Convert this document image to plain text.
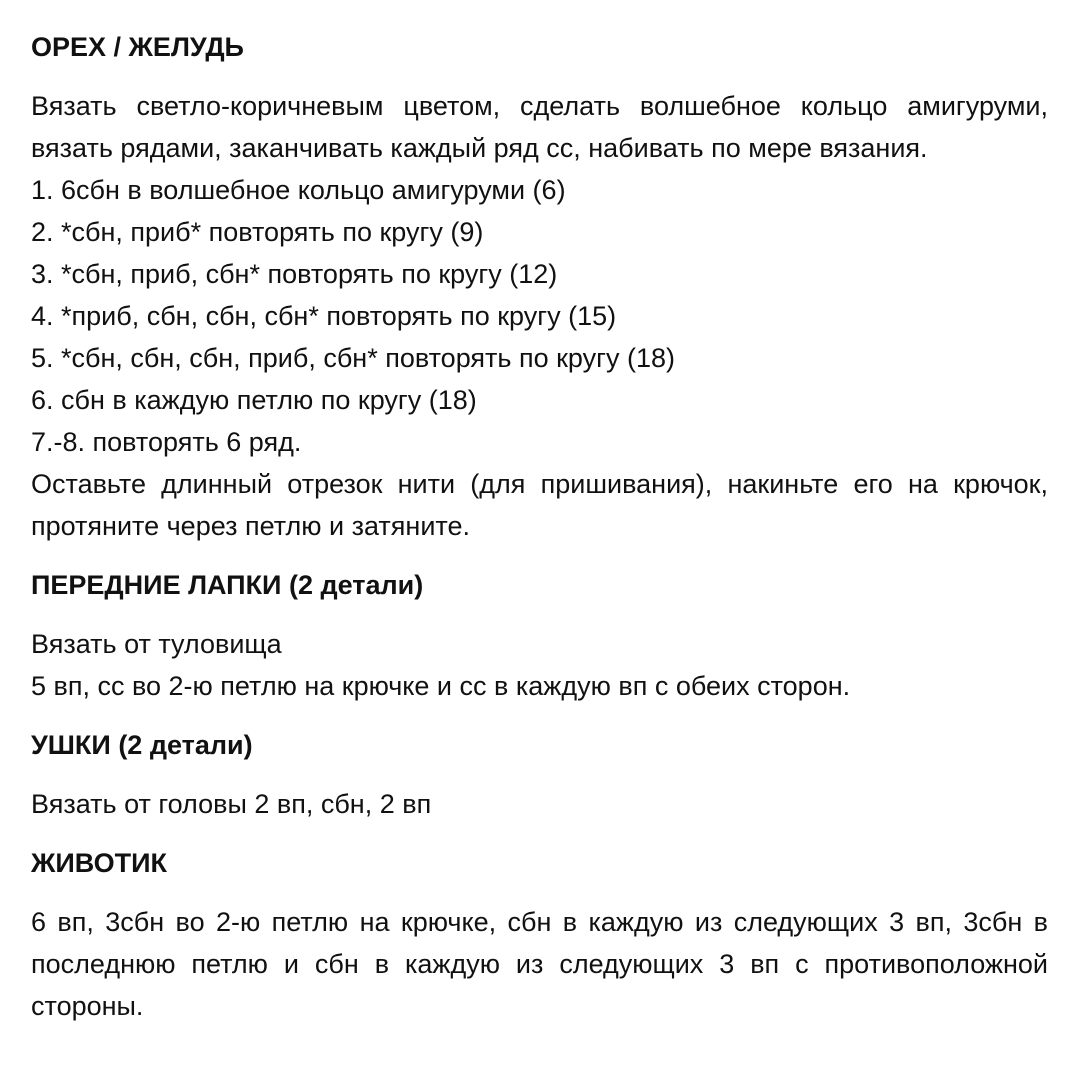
ОРЕХ / ЖЕЛУДЬ

Вязать светло-коричневым цветом, сделать волшебное кольцо амигуруми, вязать рядами, заканчивать каждый ряд сс, набивать по мере вязания.

1. 6сбн в волшебное кольцо амигуруми (6)

2. *сбн, приб* повторять по кругу (9)

3. *сбн, приб, сбн* повторять по кругу (12)

4. *приб, сбн, сбн, сбн* повторять по кругу (15)

5. *сбн, сбн, сбн, приб, сбн* повторять по кругу (18)

6. сбн в каждую петлю по кругу (18)

7.-8. повторять 6 ряд.

Оставьте длинный отрезок нити (для пришивания), накиньте его на крючок, протяните через петлю и затяните.

ПЕРЕДНИЕ ЛАПКИ (2 детали)

Вязать от туловища

5 вп, сс во 2-ю петлю на крючке и сс в каждую вп с обеих сторон.

УШКИ (2 детали)

Вязать от головы 2 вп, сбн, 2 вп

ЖИВОТИК

6 вп, 3сбн во 2-ю петлю на крючке, сбн в каждую из следующих 3 вп, 3сбн в последнюю петлю и сбн в каждую из следующих 3 вп с противоположной стороны.
